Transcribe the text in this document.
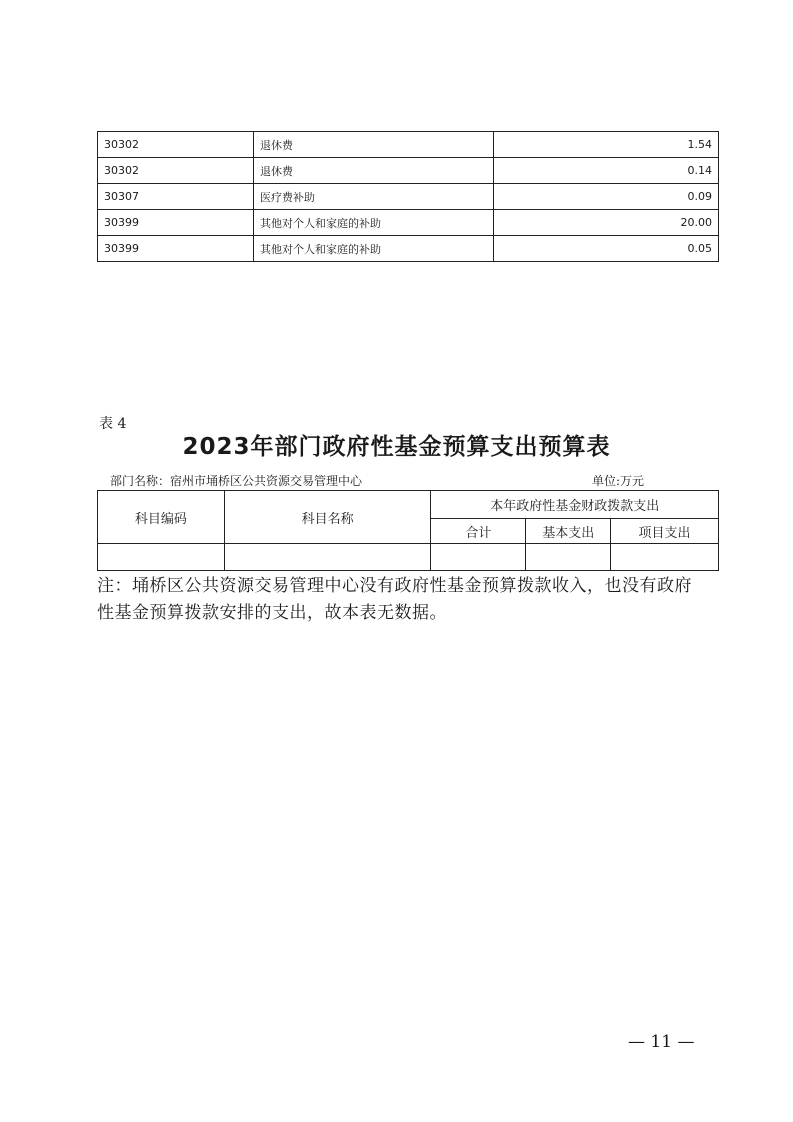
30302	退休费	1.54
30302	退休费	0.14
30307	医疗费补助	0.09
30399	其他对个人和家庭的补助	20.00
30399	其他对个人和家庭的补助	0.05
表 4
2023年部门政府性基金预算支出预算表
部门名称：宿州市埇桥区公共资源交易管理中心	单位:万元
科目编码	科目名称	本年政府性基金财政拨款支出		
		合计	基本支出	项目支出

注：埇桥区公共资源交易管理中心没有政府性基金预算拨款收入，也没有政府性基金预算拨款安排的支出，故本表无数据。
— 11 —
